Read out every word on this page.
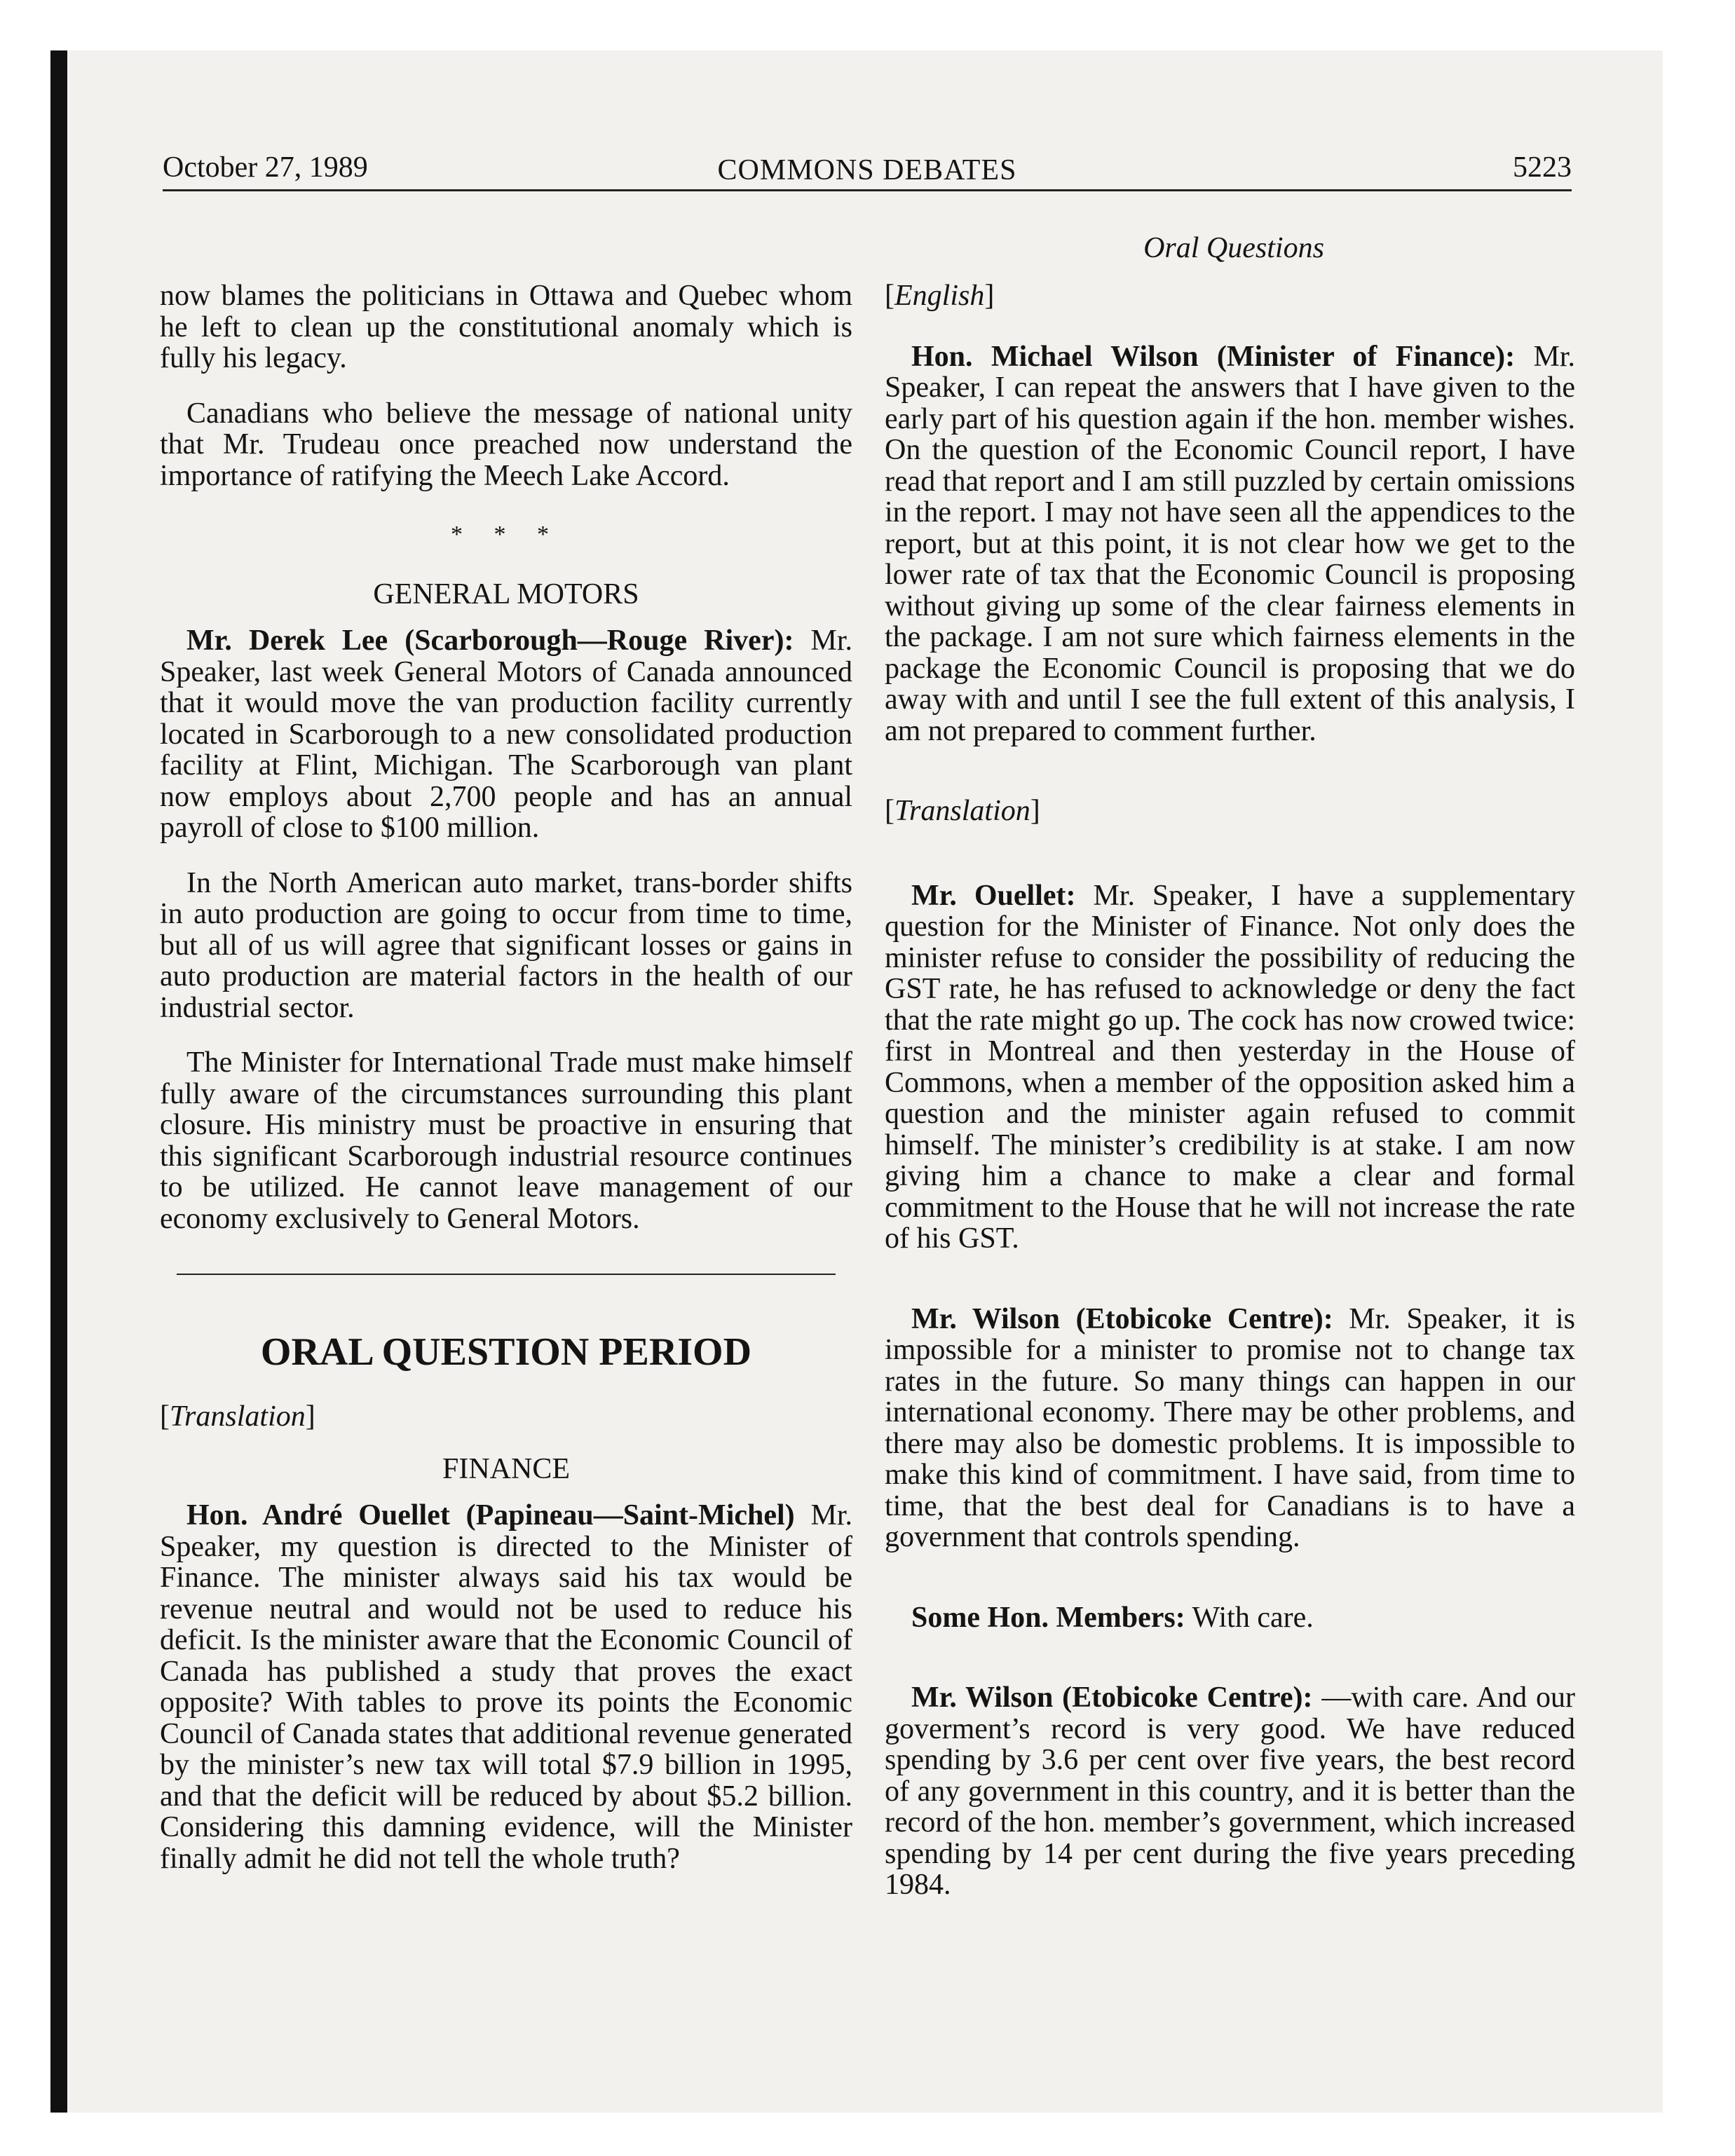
October 27, 1989	COMMONS DEBATES	5223
Oral Questions

now blames the politicians in Ottawa and Quebec whom he left to clean up the constitutional anomaly which is fully his legacy.

Canadians who believe the message of national unity that Mr. Trudeau once preached now understand the importance of ratifying the Meech Lake Accord.

* * *
GENERAL MOTORS

Mr. Derek Lee (Scarborough—Rouge River): Mr. Speaker, last week General Motors of Canada announced that it would move the van production facility currently located in Scarborough to a new consolidated production facility at Flint, Michigan. The Scarborough van plant now employs about 2,700 people and has an annual payroll of close to $100 million.

In the North American auto market, trans-border shifts in auto production are going to occur from time to time, but all of us will agree that significant losses or gains in auto production are material factors in the health of our industrial sector.

The Minister for International Trade must make himself fully aware of the circumstances surrounding this plant closure. His ministry must be proactive in ensuring that this significant Scarborough industrial resource continues to be utilized. He cannot leave management of our economy exclusively to General Motors.

ORAL QUESTION PERIOD

[Translation]

FINANCE

Hon. André Ouellet (Papineau—Saint-Michel) Mr. Speaker, my question is directed to the Minister of Finance. The minister always said his tax would be revenue neutral and would not be used to reduce his deficit. Is the minister aware that the Economic Council of Canada has published a study that proves the exact opposite? With tables to prove its points the Economic Council of Canada states that additional revenue generated by the minister’s new tax will total $7.9 billion in 1995, and that the deficit will be reduced by about $5.2 billion. Considering this damning evidence, will the Minister finally admit he did not tell the whole truth?

[English]

Hon. Michael Wilson (Minister of Finance): Mr. Speaker, I can repeat the answers that I have given to the early part of his question again if the hon. member wishes. On the question of the Economic Council report, I have read that report and I am still puzzled by certain omissions in the report. I may not have seen all the appendices to the report, but at this point, it is not clear how we get to the lower rate of tax that the Economic Council is proposing without giving up some of the clear fairness elements in the package. I am not sure which fairness elements in the package the Economic Council is proposing that we do away with and until I see the full extent of this analysis, I am not prepared to comment further.

[Translation]

Mr. Ouellet: Mr. Speaker, I have a supplementary question for the Minister of Finance. Not only does the minister refuse to consider the possibility of reducing the GST rate, he has refused to acknowledge or deny the fact that the rate might go up. The cock has now crowed twice: first in Montreal and then yesterday in the House of Commons, when a member of the opposition asked him a question and the minister again refused to commit himself. The minister’s credibility is at stake. I am now giving him a chance to make a clear and formal commitment to the House that he will not increase the rate of his GST.

Mr. Wilson (Etobicoke Centre): Mr. Speaker, it is impossible for a minister to promise not to change tax rates in the future. So many things can happen in our international economy. There may be other problems, and there may also be domestic problems. It is impossible to make this kind of commitment. I have said, from time to time, that the best deal for Canadians is to have a government that controls spending.

Some Hon. Members: With care.

Mr. Wilson (Etobicoke Centre): —with care. And our goverment’s record is very good. We have reduced spending by 3.6 per cent over five years, the best record of any government in this country, and it is better than the record of the hon. member’s government, which increased spending by 14 per cent during the five years preceding 1984.
